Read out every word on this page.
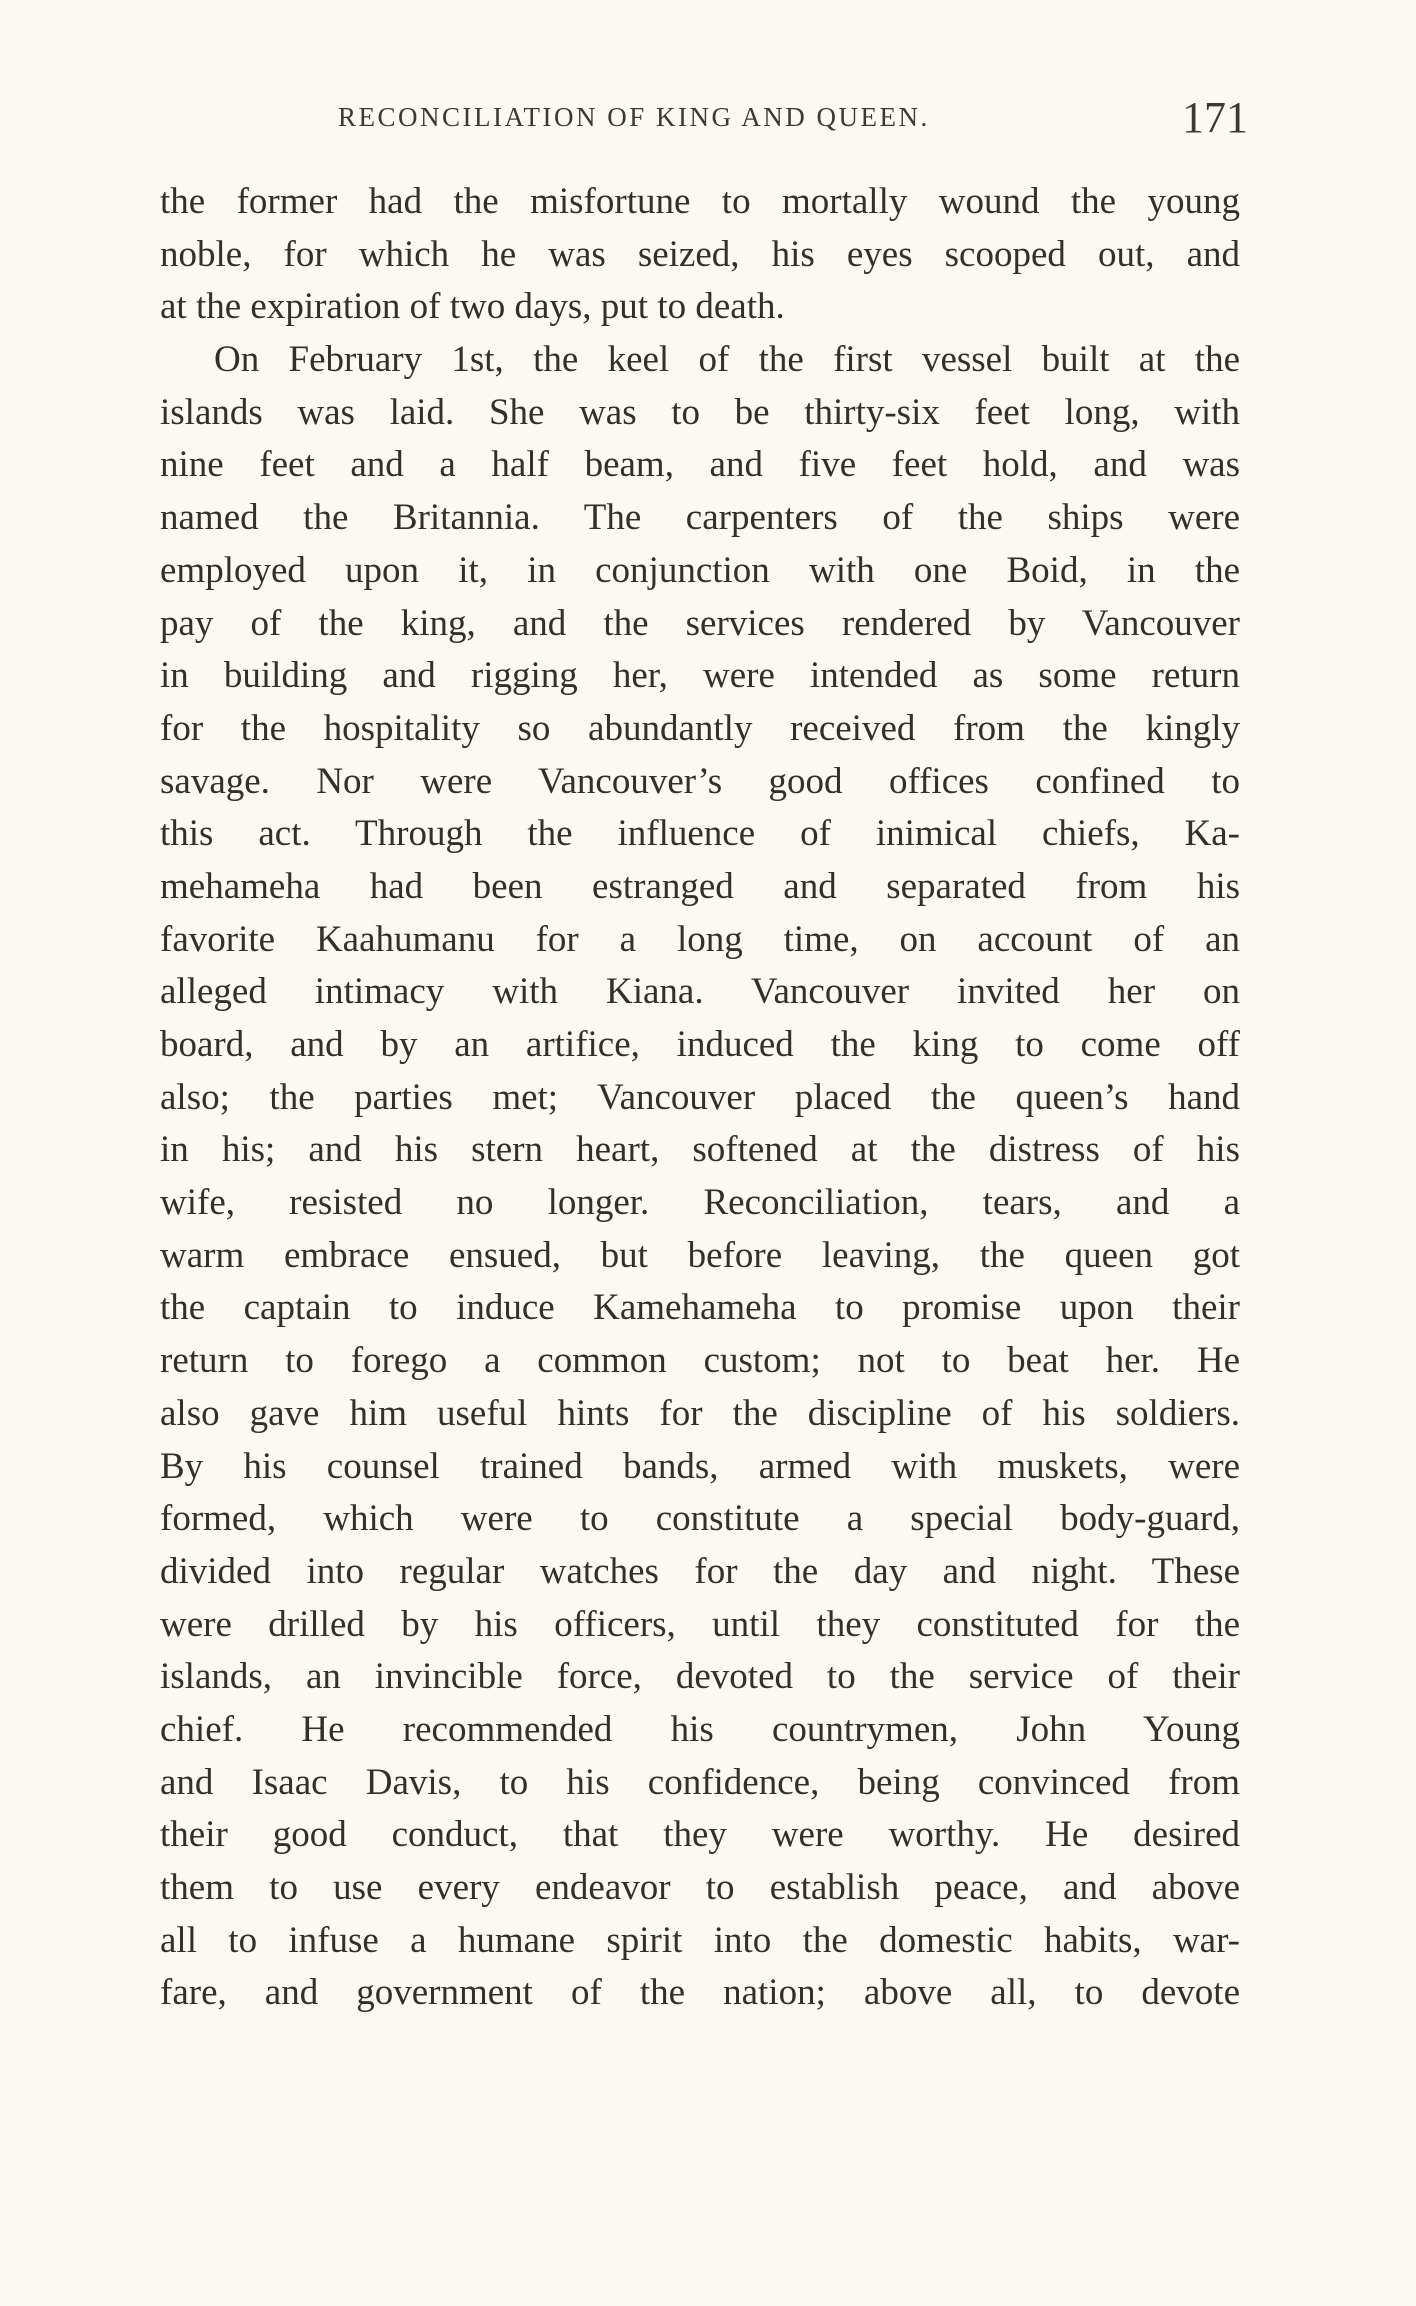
RECONCILIATION OF KING AND QUEEN.	171
the former had the misfortune to mortally wound the young
noble, for which he was seized, his eyes scooped out, and
at the expiration of two days, put to death.
On February 1st, the keel of the first vessel built at the
islands was laid. She was to be thirty-six feet long, with
nine feet and a half beam, and five feet hold, and was
named the Britannia. The carpenters of the ships were
employed upon it, in conjunction with one Boid, in the
pay of the king, and the services rendered by Vancouver
in building and rigging her, were intended as some return
for the hospitality so abundantly received from the kingly
savage. Nor were Vancouver’s good offices confined to
this act. Through the influence of inimical chiefs, Ka-
mehameha had been estranged and separated from his
favorite Kaahumanu for a long time, on account of an
alleged intimacy with Kiana. Vancouver invited her on
board, and by an artifice, induced the king to come off
also; the parties met; Vancouver placed the queen’s hand
in his; and his stern heart, softened at the distress of his
wife, resisted no longer. Reconciliation, tears, and a
warm embrace ensued, but before leaving, the queen got
the captain to induce Kamehameha to promise upon their
return to forego a common custom; not to beat her. He
also gave him useful hints for the discipline of his soldiers.
By his counsel trained bands, armed with muskets, were
formed, which were to constitute a special body-guard,
divided into regular watches for the day and night. These
were drilled by his officers, until they constituted for the
islands, an invincible force, devoted to the service of their
chief. He recommended his countrymen, John Young
and Isaac Davis, to his confidence, being convinced from
their good conduct, that they were worthy. He desired
them to use every endeavor to establish peace, and above
all to infuse a humane spirit into the domestic habits, war-
fare, and government of the nation; above all, to devote
